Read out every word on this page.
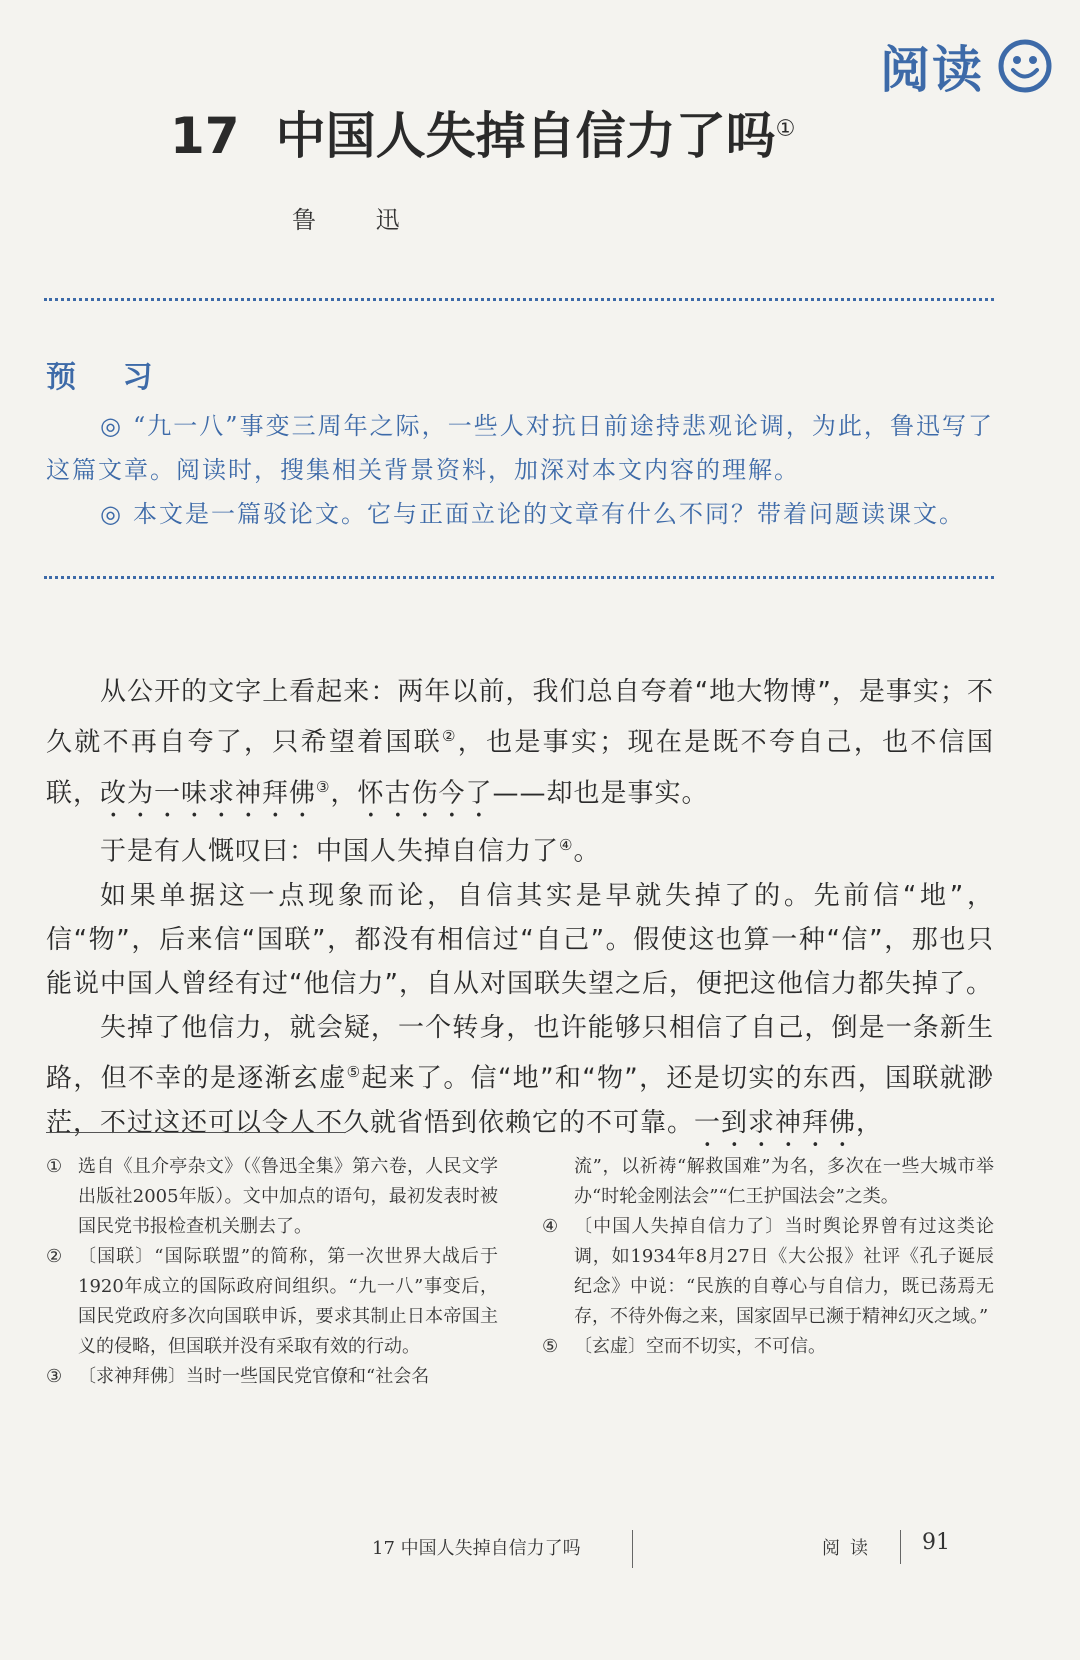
阅读
17 中国人失掉自信力了吗①
鲁 迅
预 习

◎ “九一八”事变三周年之际，一些人对抗日前途持悲观论调，为此，鲁迅写了这篇文章。阅读时，搜集相关背景资料，加深对本文内容的理解。

◎ 本文是一篇驳论文。它与正面立论的文章有什么不同？带着问题读课文。

从公开的文字上看起来：两年以前，我们总自夸着“地大物博”，是事实；不久就不再自夸了，只希望着国联②，也是事实；现在是既不夸自己，也不信国联，改为一味求神拜佛③，怀古伤今了——却也是事实。

于是有人慨叹曰：中国人失掉自信力了④。

如果单据这一点现象而论，自信其实是早就失掉了的。先前信“地”，信“物”，后来信“国联”，都没有相信过“自己”。假使这也算一种“信”，那也只能说中国人曾经有过“他信力”，自从对国联失望之后，便把这他信力都失掉了。

失掉了他信力，就会疑，一个转身，也许能够只相信了自己，倒是一条新生路，但不幸的是逐渐玄虚⑤起来了。信“地”和“物”，还是切实的东西，国联就渺茫，不过这还可以令人不久就省悟到依赖它的不可靠。一到求神拜佛，

① 选自《且介亭杂文》（《鲁迅全集》第六卷，人民文学出版社2005年版）。文中加点的语句，最初发表时被国民党书报检查机关删去了。
② 〔国联〕“国际联盟”的简称，第一次世界大战后于1920年成立的国际政府间组织。“九一八”事变后，国民党政府多次向国联申诉，要求其制止日本帝国主义的侵略，但国联并没有采取有效的行动。
③ 〔求神拜佛〕当时一些国民党官僚和“社会名
流”，以祈祷“解救国难”为名，多次在一些大城市举办“时轮金刚法会”“仁王护国法会”之类。
④ 〔中国人失掉自信力了〕当时舆论界曾有过这类论调，如1934年8月27日《大公报》社评《孔子诞辰纪念》中说：“民族的自尊心与自信力，既已荡焉无存，不待外侮之来，国家固早已濒于精神幻灭之域。”
⑤ 〔玄虚〕空而不切实，不可信。
17 中国人失掉自信力了吗	阅读 91
